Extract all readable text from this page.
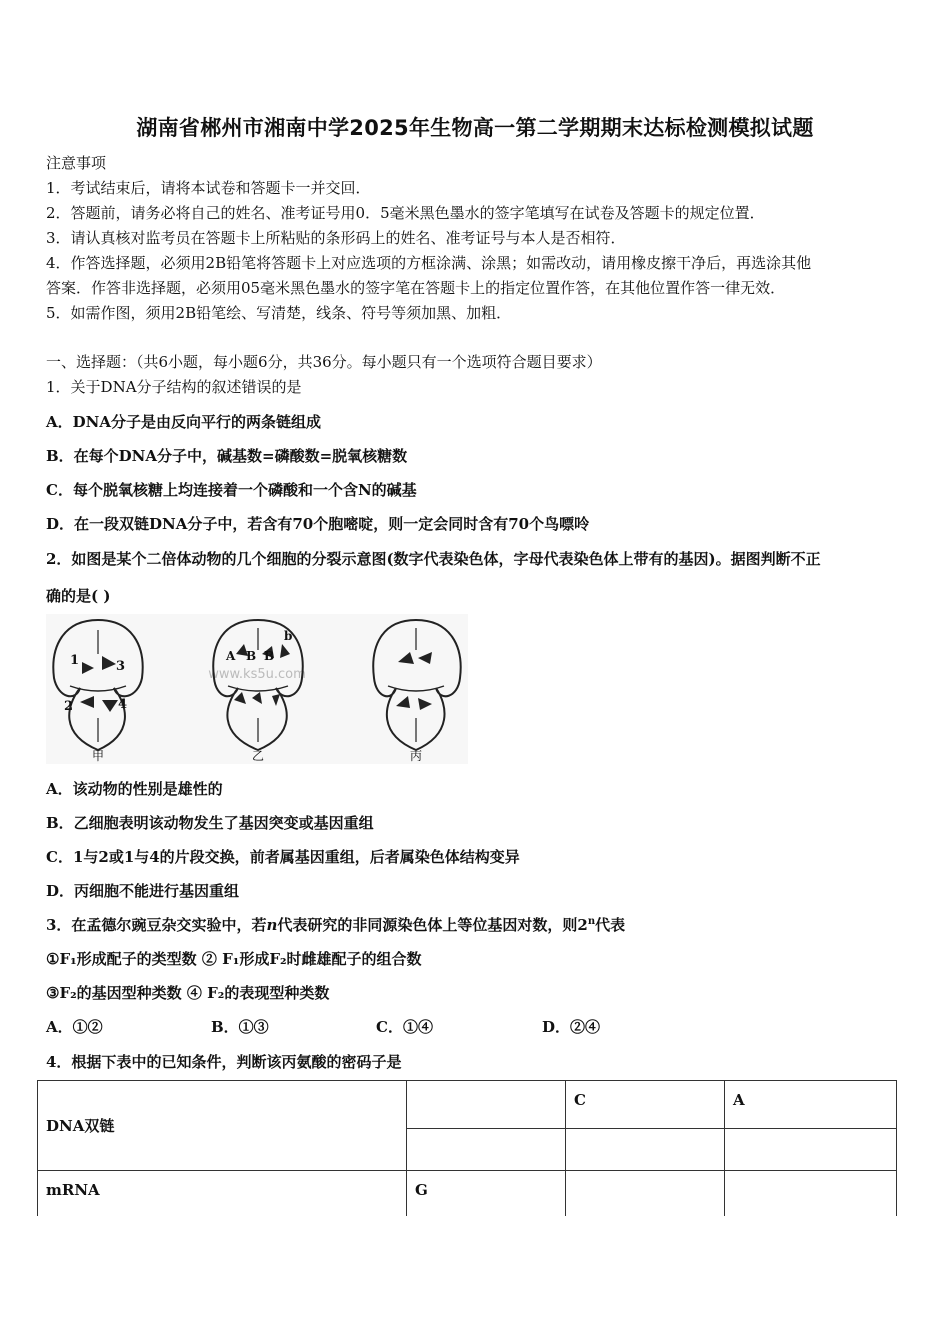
湖南省郴州市湘南中学2025年生物高一第二学期期末达标检测模拟试题
注意事项
1．考试结束后，请将本试卷和答题卡一并交回．
2．答题前，请务必将自己的姓名、准考证号用0．5毫米黑色墨水的签字笔填写在试卷及答题卡的规定位置．
3．请认真核对监考员在答题卡上所粘贴的条形码上的姓名、准考证号与本人是否相符．
4．作答选择题，必须用2B铅笔将答题卡上对应选项的方框涂满、涂黑；如需改动，请用橡皮擦干净后，再选涂其他
答案．作答非选择题，必须用05毫米黑色墨水的签字笔在答题卡上的指定位置作答，在其他位置作答一律无效．
5．如需作图，须用2B铅笔绘、写清楚，线条、符号等须加黑、加粗．
一、选择题：（共6小题，每小题6分，共36分。每小题只有一个选项符合题目要求）
1．关于DNA分子结构的叙述错误的是
A．DNA分子是由反向平行的两条链组成
B．在每个DNA分子中，碱基数=磷酸数=脱氧核糖数
C．每个脱氧核糖上均连接着一个磷酸和一个含N的碱基
D．在一段双链DNA分子中，若含有70个胞嘧啶，则一定会同时含有70个鸟嘌呤
2．如图是某个二倍体动物的几个细胞的分裂示意图(数字代表染色体，字母代表染色体上带有的基因)。据图判断不正
确的是( )
www.ks5u.com
1
2
3
4
A B B
b
甲	乙	丙
A．该动物的性别是雄性的
B．乙细胞表明该动物发生了基因突变或基因重组
C．1与2或1与4的片段交换，前者属基因重组，后者属染色体结构变异
D．丙细胞不能进行基因重组
3．在孟德尔豌豆杂交实验中，若n代表研究的非同源染色体上等位基因对数，则2$^n$代表
①F₁形成配子的类型数 ② F₁形成F₂时雌雄配子的组合数
③F₂的基因型种类数 ④ F₂的表现型种类数
A．①②	B．①③	C．①④	D．②④
4．根据下表中的已知条件，判断该丙氨酸的密码子是
DNA双链		C	A

mRNA	G		
